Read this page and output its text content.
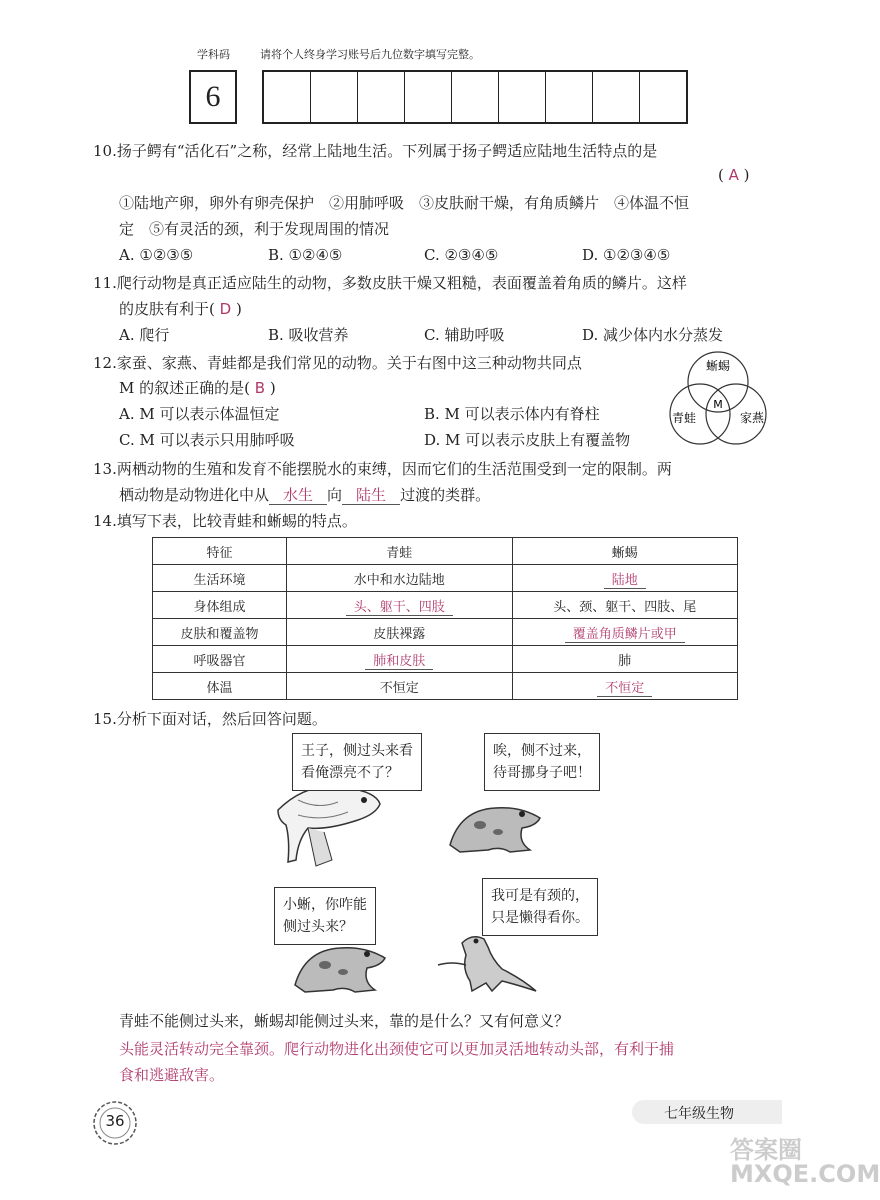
学科码	请将个人终身学习账号后九位数字填写完整。
6
10.扬子鳄有“活化石”之称，经常上陆地生活。下列属于扬子鳄适应陆地生活特点的是
( A )
①陆地产卵，卵外有卵壳保护　②用肺呼吸　③皮肤耐干燥，有角质鳞片　④体温不恒
定　⑤有灵活的颈，利于发现周围的情况
A. ①②③⑤	B. ①②④⑤	C. ②③④⑤	D. ①②③④⑤
11.爬行动物是真正适应陆生的动物，多数皮肤干燥又粗糙，表面覆盖着角质的鳞片。这样
的皮肤有利于( D )
A. 爬行	B. 吸收营养	C. 辅助呼吸	D. 减少体内水分蒸发
12.家蚕、家燕、青蛙都是我们常见的动物。关于右图中这三种动物共同点
M 的叙述正确的是( B )
A. M 可以表示体温恒定	B. M 可以表示体内有脊柱
C. M 可以表示只用肺呼吸	D. M 可以表示皮肤上有覆盖物
蜥蜴
青蛙	家燕
M
13.两栖动物的生殖和发育不能摆脱水的束缚，因而它们的生活范围受到一定的限制。两
栖动物是动物进化中从 水生 向 陆生 过渡的类群。
14.填写下表，比较青蛙和蜥蜴的特点。
特征	青蛙	蜥蜴
生活环境	水中和水边陆地	陆地
身体组成	头、躯干、四肢	头、颈、躯干、四肢、尾
皮肤和覆盖物	皮肤裸露	覆盖角质鳞片或甲
呼吸器官	肺和皮肤	肺
体温	不恒定	不恒定
15.分析下面对话，然后回答问题。
王子，侧过头来看
看俺漂亮不了？
唉，侧不过来，
待哥挪身子吧！
小蜥，你咋能
侧过头来？
我可是有颈的，
只是懒得看你。
青蛙不能侧过头来，蜥蜴却能侧过头来，靠的是什么？又有何意义？
头能灵活转动完全靠颈。爬行动物进化出颈使它可以更加灵活地转动头部，有利于捕
食和逃避敌害。
36	七年级生物
答案圈 MXQE.COM
